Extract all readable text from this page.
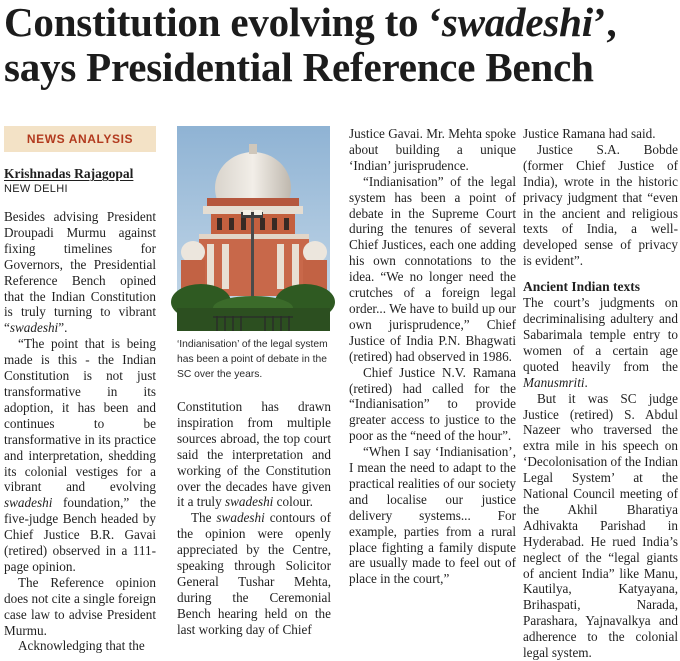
Constitution evolving to ‘swadeshi’,
says Presidential Reference Bench
NEWS ANALYSIS
Krishnadas Rajagopal
NEW DELHI

Besides advising President Droupadi Murmu against fixing timelines for Governors, the Presidential Reference Bench opined that the Indian Constitution is truly turning to vibrant “swadeshi”.

“The point that is being made is this - the Indian Constitution is not just transformative in its adoption, it has been and continues to be transformative in its practice and interpretation, shedding its colonial vestiges for a vibrant and evolving swadeshi foundation,” the five-judge Bench headed by Chief Justice B.R. Gavai (retired) observed in a 111-page opinion.

The Reference opinion does not cite a single foreign case law to advise President Murmu.

Acknowledging that the

‘Indianisation’ of the legal system has been a point of debate in the SC over the years.

Constitution has drawn inspiration from multiple sources abroad, the top court said the interpretation and working of the Constitution over the decades have given it a truly swadeshi colour.

The swadeshi contours of the opinion were openly appreciated by the Centre, speaking through Solicitor General Tushar Mehta, during the Ceremonial Bench hearing held on the last working day of Chief

Justice Gavai. Mr. Mehta spoke about building a unique ‘Indian’ jurisprudence.

“Indianisation” of the legal system has been a point of debate in the Supreme Court during the tenures of several Chief Justices, each one adding his own connotations to the idea. “We no longer need the crutches of a foreign legal order... We have to build up our own jurisprudence,” Chief Justice of India P.N. Bhagwati (retired) had observed in 1986.

Chief Justice N.V. Ramana (retired) had called for the “Indianisation” to provide greater access to justice to the poor as the “need of the hour”.

“When I say ‘Indianisation’, I mean the need to adapt to the practical realities of our society and localise our justice delivery systems... For example, parties from a rural place fighting a family dispute are usually made to feel out of place in the court,”

Justice Ramana had said.

Justice S.A. Bobde (former Chief Justice of India), wrote in the historic privacy judgment that “even in the ancient and religious texts of India, a well-developed sense of privacy is evident”.

Ancient Indian texts

The court’s judgments on decriminalising adultery and Sabarimala temple entry to women of a certain age quoted heavily from the Manusmriti.

But it was SC judge Justice (retired) S. Abdul Nazeer who traversed the extra mile in his speech on ‘Decolonisation of the Indian Legal System’ at the National Council meeting of the Akhil Bharatiya Adhivakta Parishad in Hyderabad. He rued India’s neglect of the “legal giants of ancient India” like Manu, Kautilya, Katyayana, Brihaspati, Narada, Parashara, Yajnavalkya and adherence to the colonial legal system.
